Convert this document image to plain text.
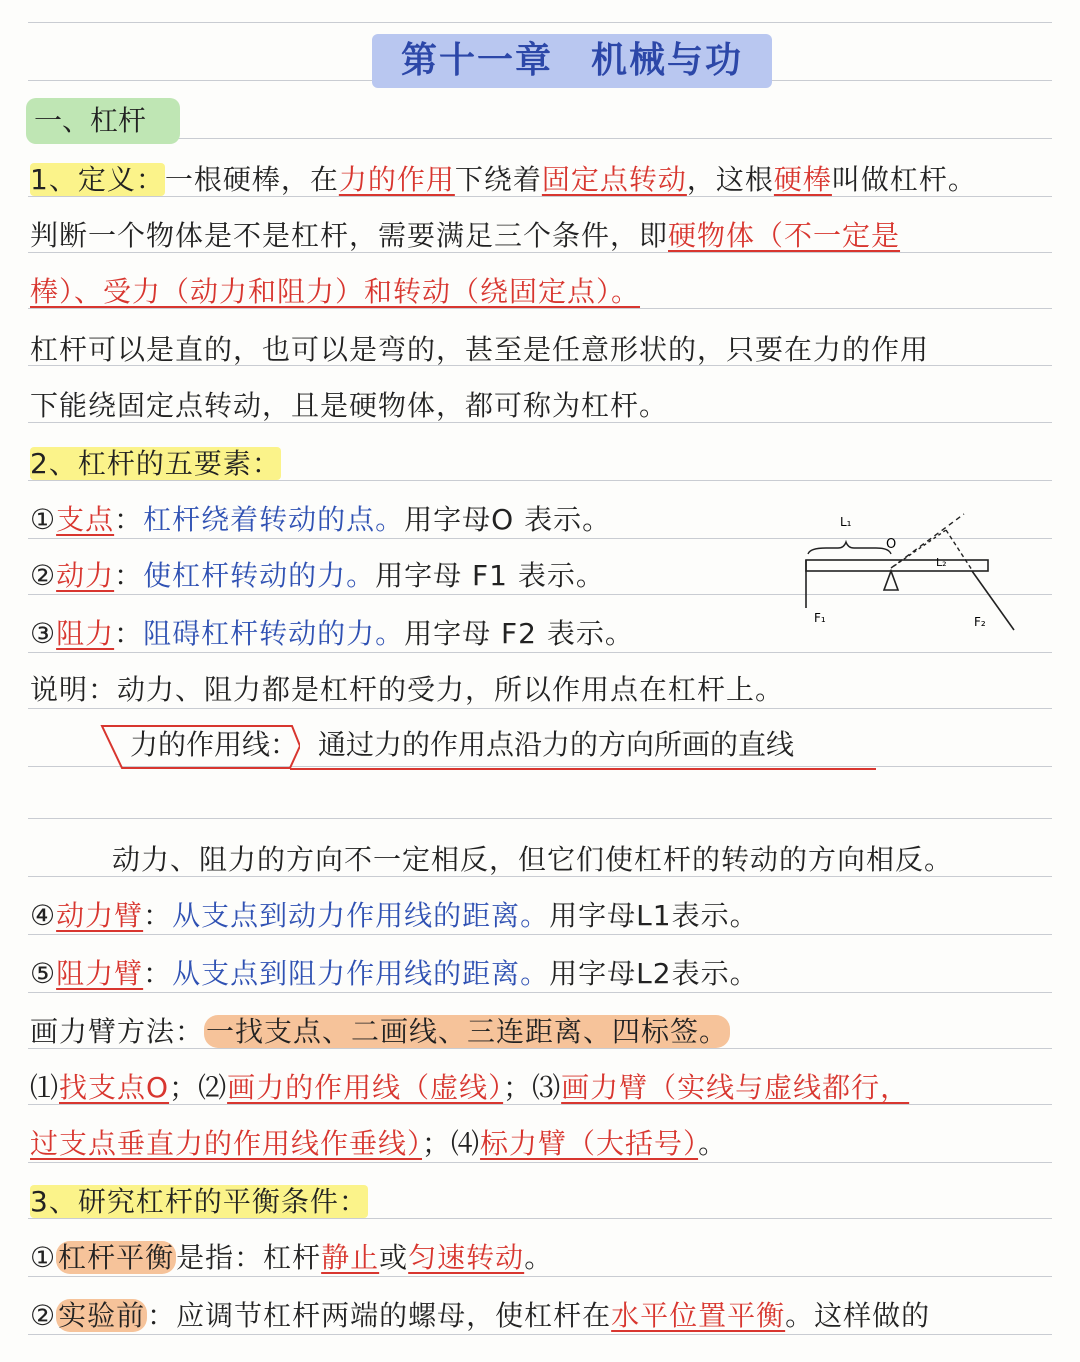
第十一章　机械与功
一、杠杆
1、定义：一根硬棒，在力的作用下绕着固定点转动，这根硬棒叫做杠杆。
判断一个物体是不是杠杆，需要满足三个条件，即硬物体（不一定是
棒）、受力（动力和阻力）和转动（绕固定点）。
杠杆可以是直的，也可以是弯的，甚至是任意形状的，只要在力的作用
下能绕固定点转动，且是硬物体，都可称为杠杆。
2、杠杆的五要素：
①支点：杠杆绕着转动的点。用字母O 表示。
②动力：使杠杆转动的力。用字母 F1 表示。
③阻力：阻碍杠杆转动的力。用字母 F2 表示。
L₁
O
L₂
F₁	F₂
说明：动力、阻力都是杠杆的受力，所以作用点在杠杆上。
力的作用线： 通过力的作用点沿力的方向所画的直线
动力、阻力的方向不一定相反，但它们使杠杆的转动的方向相反。
④动力臂：从支点到动力作用线的距离。用字母L1表示。
⑤阻力臂：从支点到阻力作用线的距离。用字母L2表示。
画力臂方法：一找支点、二画线、三连距离、四标签。
⑴找支点O；⑵画力的作用线（虚线）；⑶画力臂（实线与虚线都行，
过支点垂直力的作用线作垂线）；⑷标力臂（大括号）。
3、研究杠杆的平衡条件：
①杠杆平衡是指：杠杆静止或匀速转动。
②实验前：应调节杠杆两端的螺母，使杠杆在水平位置平衡。这样做的
